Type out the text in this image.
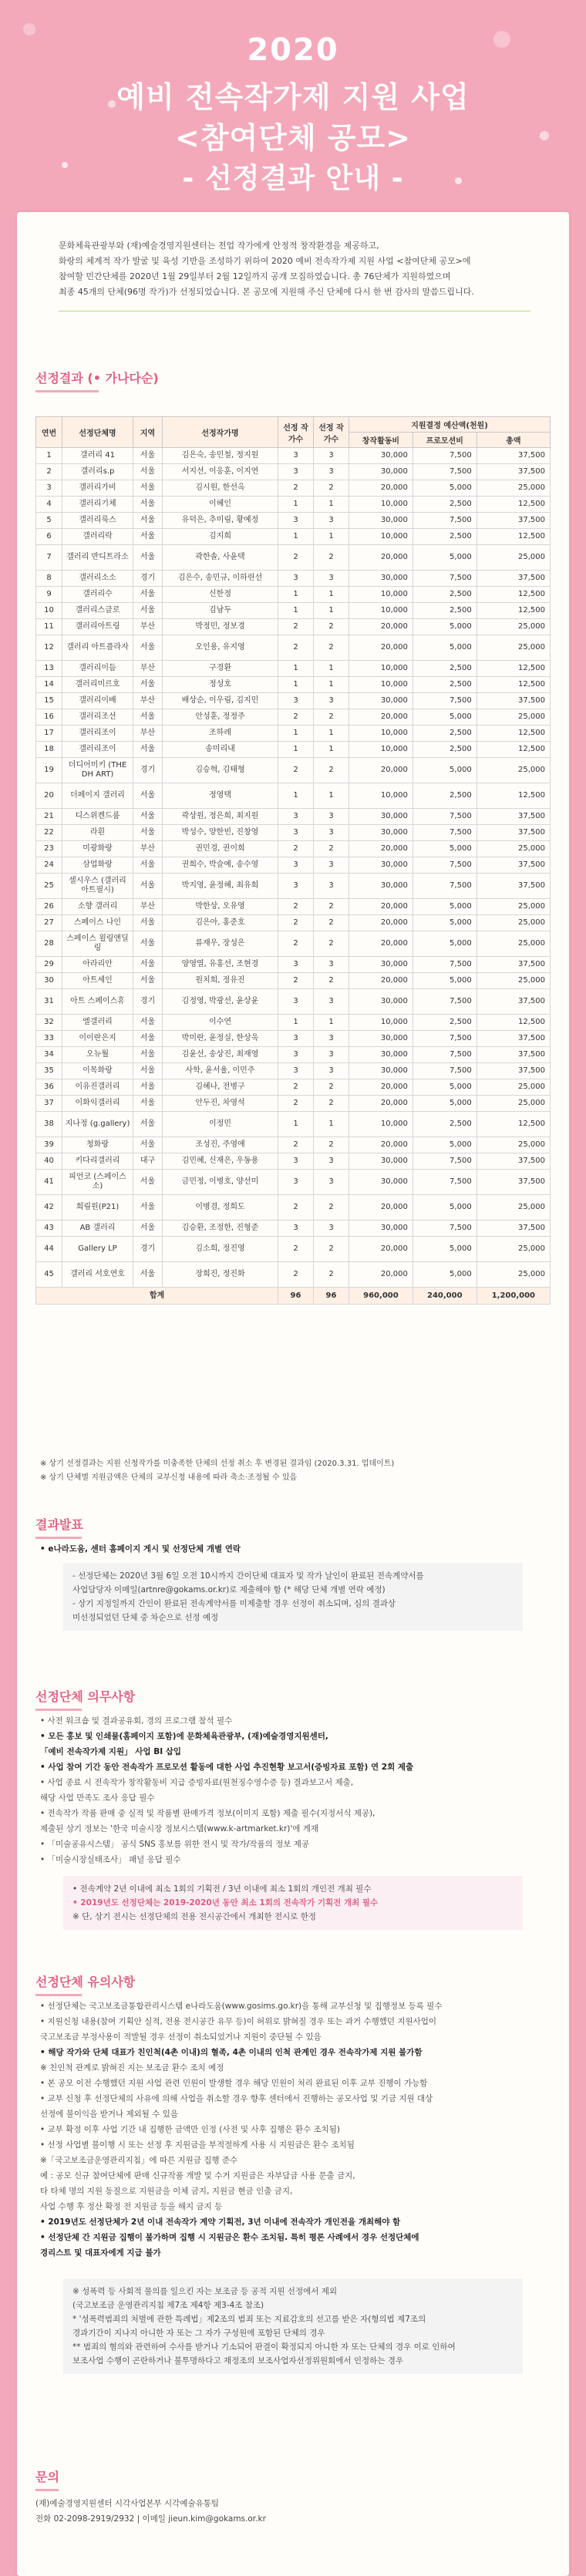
2020
예비 전속작가제 지원 사업
<참여단체 공모>
- 선정결과 안내 -
문화체육관광부와 (재)예술경영지원센터는 전업 작가에게 안정적 창작환경을 제공하고,
화랑의 체계적 작가 발굴 및 육성 기반을 조성하기 위하여 2020 예비 전속작가제 지원 사업 <참여단체 공모>에
참여할 민간단체를 2020년 1월 29일부터 2월 12일까지 공개 모집하였습니다. 총 76단체가 지원하였으며
최종 45개의 단체(96명 작가)가 선정되었습니다. 본 공모에 지원해 주신 단체에 다시 한 번 감사의 말씀드립니다.
선정결과 (• 가나다순)
연번	선정단체명	지역	선정작가명	선정 작가수	선정 작가수	지원결정 예산액(천원)		
						창작활동비	프로모션비	총액
1	갤러리 41	서울	김은숙, 송민철, 정지원	3	3	30,000	7,500	37,500
2	갤러리s.p	서울	서지선, 이응훈, 이지연	3	3	30,000	7,500	37,500
3	갤러리가비	서울	김시원, 한선옥	2	2	20,000	5,000	25,000
4	갤러리기체	서울	이혜인	1	1	10,000	2,500	12,500
5	갤러리룩스	서울	유덕은, 추미림, 황예정	3	3	30,000	7,500	37,500
6	갤러리락	서울	김지희	1	1	10,000	2,500	12,500
7	갤러리 반디트라소	서울	곽한솔, 사윤택	2	2	20,000	5,000	25,000
8	갤러리소소	경기	김은수, 송민규, 이하린선	3	3	30,000	7,500	37,500
9	갤러리수	서울	신한정	1	1	10,000	2,500	12,500
10	갤러리스클로	서울	김남두	1	1	10,000	2,500	12,500
11	갤러리아트링	부산	박정민, 정보경	2	2	20,000	5,000	25,000
12	갤러리 아트플라자	서울	오인용, 유지영	2	2	20,000	5,000	25,000
13	갤러리이듬	부산	구경환	1	1	10,000	2,500	12,500
14	갤러리미르호	서울	정성호	1	1	10,000	2,500	12,500
15	갤러리이배	부산	배상순, 이우림, 김지민	3	3	30,000	7,500	37,500
16	갤러리조선	서울	안성훈, 정정주	2	2	20,000	5,000	25,000
17	갤러리조이	부산	조하레	1	1	10,000	2,500	12,500
18	갤러리조이	서울	송미리내	1	1	10,000	2,500	12,500
19	더디어미키 (THE DH ART)	경기	김승혁, 김태형	2	2	20,000	5,000	25,000
20	더페이지 갤러리	서울	정영택	1	1	10,000	2,500	12,500
21	디스위켄드룸	서울	곽상원, 정은희, 최지원	3	3	30,000	7,500	37,500
22	라흰	서울	박성수, 양한빈, 진창영	3	3	30,000	7,500	37,500
23	미광화랑	부산	권민경, 권이희	2	2	20,000	5,000	25,000
24	삼업화랑	서울	권희수, 박슬예, 송수영	3	3	30,000	7,500	37,500
25	셀시우스 (갤러리 아트필시)	서울	박지영, 윤정혜, 최유희	3	3	30,000	7,500	37,500
26	소향 갤러리	부산	박한상, 오유영	2	2	20,000	5,000	25,000
27	스페이스 나인	서울	김은아, 홍준호	2	2	20,000	5,000	25,000
28	스페이스 윌링앤딜링	서울	류재우, 장성은	2	2	20,000	5,000	25,000
29	아라리안	서울	양영열, 유홍선, 조현경	3	3	30,000	7,500	37,500
30	아트세인	서울	원치희, 정유진	2	2	20,000	5,000	25,000
31	아트 스페이스휴	경기	김정영, 박광선, 윤상윤	3	3	30,000	7,500	37,500
32	엘갤러리	서울	이수연	1	1	10,000	2,500	12,500
33	이이란은지	서울	박미란, 윤정실, 한상욱	3	3	30,000	7,500	37,500
34	오뉴월	서울	김윤선, 송상진, 최재영	3	3	30,000	7,500	37,500
35	이목화랑	서울	사학, 윤서율, 이민주	3	3	30,000	7,500	37,500
36	이유진갤러리	서울	김혜나, 전병구	2	2	20,000	5,000	25,000
37	이화익갤러리	서울	안두진, 차영석	2	2	20,000	5,000	25,000
38	지나정 (g.gallery)	서울	이정민	1	1	10,000	2,500	12,500
39	청화랑	서울	조성진, 주영애	2	2	20,000	5,000	25,000
40	키다리갤러리	대구	김민혜, 신재은, 우동용	3	3	30,000	7,500	37,500
41	피언코 (스페이스소)	서울	금민정, 이병호, 양선미	3	3	30,000	7,500	37,500
42	희림원(P21)	서울	이병겸, 정희도	2	2	20,000	5,000	25,000
43	AB 갤러리	서울	김승환, 조정한, 진형준	3	3	30,000	7,500	37,500
44	Gallery LP	경기	김소희, 정진영	2	2	20,000	5,000	25,000
45	갤러리 서호연호	서울	장희진, 정진화	2	2	20,000	5,000	25,000
합계				96	96	960,000	240,000	1,200,000
※ 상기 선정결과는 지원 신청작가를 미충족한 단체의 선정 취소 후 변경된 결과임 (2020.3.31. 업데이트)
※ 상기 단체별 지원금액은 단체의 교부신청 내용에 따라 축소·조정될 수 있음
결과발표
• e나라도움, 센터 홈페이지 게시 및 선정단체 개별 연락
- 선정단체는 2020년 3월 6일 오전 10시까지 간이단체 대표자 및 작가 날인이 완료된 전속계약서를
사업담당자 이메일(artnre@gokams.or.kr)로 제출해야 함 (* 해당 단체 개별 연락 예정)
- 상기 지정일까지 간인이 완료된 전속계약서를 미제출할 경우 선정이 취소되며, 심의 결과상
미선정되었던 단체 중 차순으로 선정 예정
선정단체 의무사항
• 사전 워크숍 및 결과공유회, 경의 프로그램 참석 필수
• 모든 홍보 및 인쇄물(홈페이지 포함)에 문화체육관광부, (재)예술경영지원센터,
「예비 전속작가제 지원」 사업 BI 삽입
• 사업 참여 기간 동안 전속작가 프로모션 활동에 대한 사업 추진현황 보고서(증빙자료 포함) 연 2회 제출
• 사업 종료 시 전속작가 창작활동비 지급 증빙자료(원천징수영수증 등) 결과보고서 제출,
해당 사업 만족도 조사 응답 필수
• 전속작가 작품 판매 중 실적 및 작품별 판매가격 정보(이미지 포함) 제출 필수(지정서식 제공),
제출된 상기 정보는 '한국 미술시장 정보시스템(www.k-artmarket.kr)'에 게재
• 「미술공유시스템」 공식 SNS 홍보를 위한 전시 및 작가/작품의 정보 제공
• 「미술시장실태조사」 패널 응답 필수
• 전속계약 2년 이내에 최소 1회의 기획전 / 3년 이내에 최소 1회의 개인전 개최 필수
• 2019년도 선정단체는 2019-2020년 동안 최소 1회의 전속작가 기획전 개최 필수
※ 단, 상기 전시는 선정단체의 전용 전시공간에서 개최한 전시로 한정
선정단체 유의사항
• 선정단체는 국고보조금통합관리시스템 e나라도움(www.gosims.go.kr)을 통해 교부신청 및 집행정보 등록 필수
• 지원신청 내용(참여 기획안 실적, 전용 전시공간 유무 등)이 허위로 밝혀질 경우 또는 과거 수행했던 지원사업이
국고보조금 부정사용이 적발될 경우 선정이 취소되었거나 지원이 중단될 수 있음
• 해당 작가와 단체 대표가 친인척(4촌 이내)의 혈족, 4촌 이내의 인척 관계인 경우 전속작가제 지원 불가함
※ 친인척 관계로 밝혀진 지는 보조금 환수 조치 예정
• 본 공모 이전 수행했던 지원 사업 관련 민원이 발생할 경우 해당 민원이 처리 완료된 이후 교부 진행이 가능함
• 교부 신청 후 선정단체의 사유에 의해 사업을 취소할 경우 향후 센터에서 진행하는 공모사업 및 기금 지원 대상
선정에 불이익을 받거나 제외될 수 있음
• 교부 확정 이후 사업 기간 내 집행한 금액만 인정 (사전 및 사후 집행은 환수 조치됨)
• 선정 사업별 불이행 시 또는 선정 후 지원금을 부적절하게 사용 시 지원금은 환수 조치됨
※「국고보조금운영관리지침」에 따른 지원금 집행 준수
예 : 공모 신규 참여단체에 판매 신규작품 개발 및 수거 지원금은 자부담금 사용 문출 금지,
타 타체 명의 지원 동질으로 지원금을 이체 금지, 지원금 현금 인출 금지,
사업 수행 후 정산 확정 전 지원금 등을 해지 금지 등
• 2019년도 선정단체가 2년 이내 전속작가 계약 기획전, 3년 이내에 전속작가 개인전을 개최해야 함
• 선정단체 간 지원금 집행이 불가하며 집행 시 지원금은 환수 조치됨. 특히 평론 사례에서 경우 선정단체에
경리스트 및 대표자에게 지급 불가
※ 성폭력 등 사회적 물의를 일으킨 자는 보조금 등 공적 지원 선정에서 제외
(국고보조금 운영관리지침 제7조 제4항 제3-4조 참조)
* '성폭력범죄의 처벌에 관한 특례법」제2조의 범죄 또는 지료감호의 선고를 받은 자(형의법 제7조의
경과기간이 지나지 아니한 자 또는 그 자가 구성원에 포함된 단체의 경우
** 범죄의 혐의와 관련하여 수사를 받거나 기소되어 판결이 확정되지 아니한 자 또는 단체의 경우 이로 인하여
보조사업 수행이 곤란하거나 불투명하다고 재정조의 보조사업자선정위원회에서 인정하는 경우
문의
(재)예술경영지원센터 시각사업본부 시각예술유통팀
전화 02-2098-2919/2932 | 이메일 jieun.kim@gokams.or.kr
